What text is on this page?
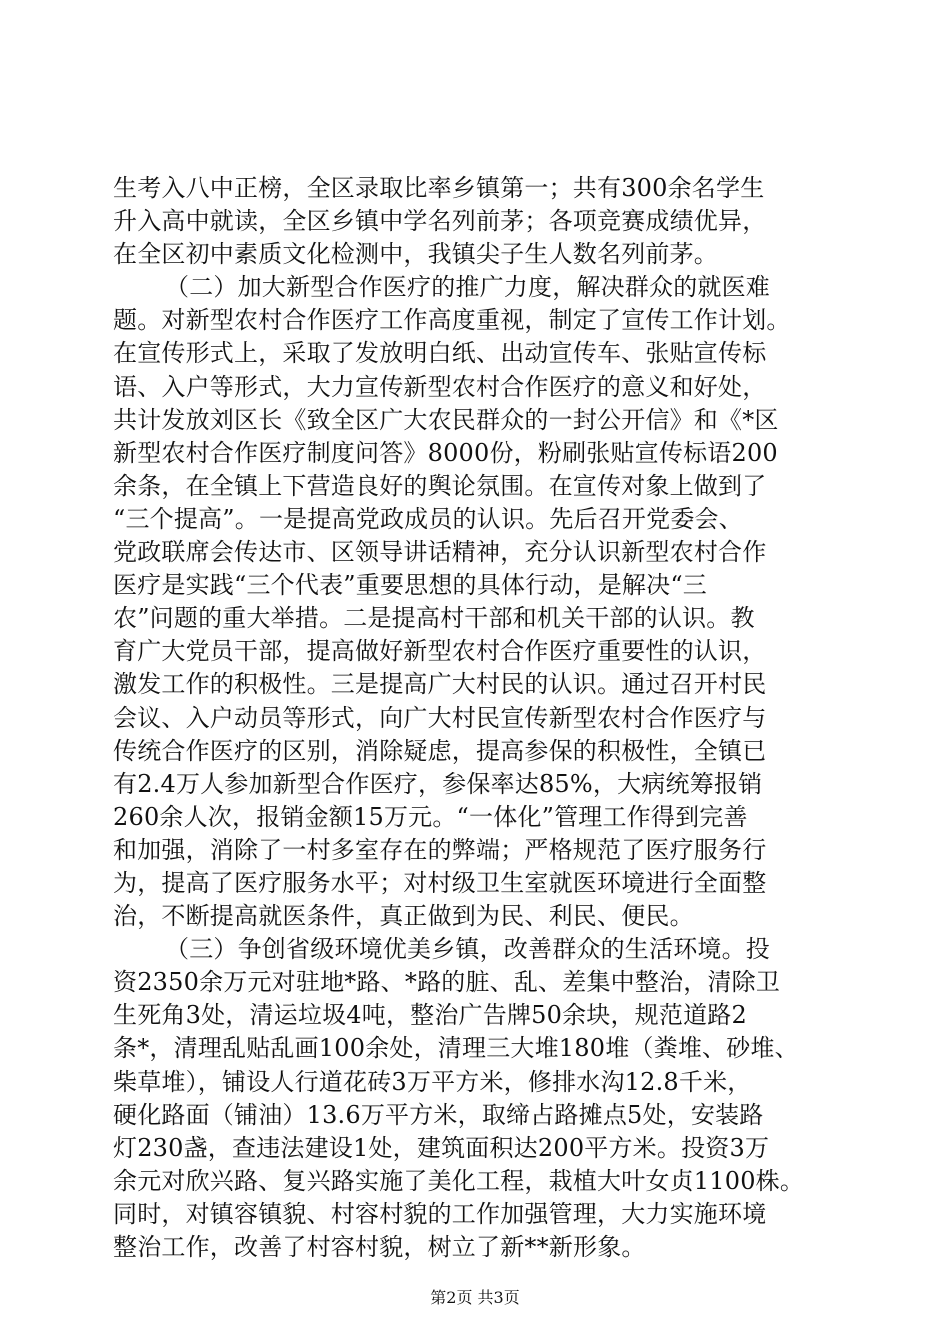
生考入八中正榜，全区录取比率乡镇第一；共有300余名学生
升入高中就读，全区乡镇中学名列前茅；各项竞赛成绩优异，
在全区初中素质文化检测中，我镇尖子生人数名列前茅。
（二）加大新型合作医疗的推广力度，解决群众的就医难
题。对新型农村合作医疗工作高度重视，制定了宣传工作计划。
在宣传形式上，采取了发放明白纸、出动宣传车、张贴宣传标
语、入户等形式，大力宣传新型农村合作医疗的意义和好处，
共计发放刘区长《致全区广大农民群众的一封公开信》和《*区
新型农村合作医疗制度问答》8000份，粉刷张贴宣传标语200
余条，在全镇上下营造良好的舆论氛围。在宣传对象上做到了
“三个提高”。一是提高党政成员的认识。先后召开党委会、
党政联席会传达市、区领导讲话精神，充分认识新型农村合作
医疗是实践“三个代表”重要思想的具体行动，是解决“三
农”问题的重大举措。二是提高村干部和机关干部的认识。教
育广大党员干部，提高做好新型农村合作医疗重要性的认识，
激发工作的积极性。三是提高广大村民的认识。通过召开村民
会议、入户动员等形式，向广大村民宣传新型农村合作医疗与
传统合作医疗的区别，消除疑虑，提高参保的积极性，全镇已
有2.4万人参加新型合作医疗，参保率达85%，大病统筹报销
260余人次，报销金额15万元。“一体化”管理工作得到完善
和加强，消除了一村多室存在的弊端；严格规范了医疗服务行
为，提高了医疗服务水平；对村级卫生室就医环境进行全面整
治，不断提高就医条件，真正做到为民、利民、便民。
（三）争创省级环境优美乡镇，改善群众的生活环境。投
资2350余万元对驻地*路、*路的脏、乱、差集中整治，清除卫
生死角3处，清运垃圾4吨，整治广告牌50余块，规范道路2
条*，清理乱贴乱画100余处，清理三大堆180堆（粪堆、砂堆、
柴草堆），铺设人行道花砖3万平方米，修排水沟12.8千米，
硬化路面（铺油）13.6万平方米，取缔占路摊点5处，安装路
灯230盏，查违法建设1处，建筑面积达200平方米。投资3万
余元对欣兴路、复兴路实施了美化工程，栽植大叶女贞1100株。
同时，对镇容镇貌、村容村貌的工作加强管理，大力实施环境
整治工作，改善了村容村貌，树立了新**新形象。
第2页 共3页
